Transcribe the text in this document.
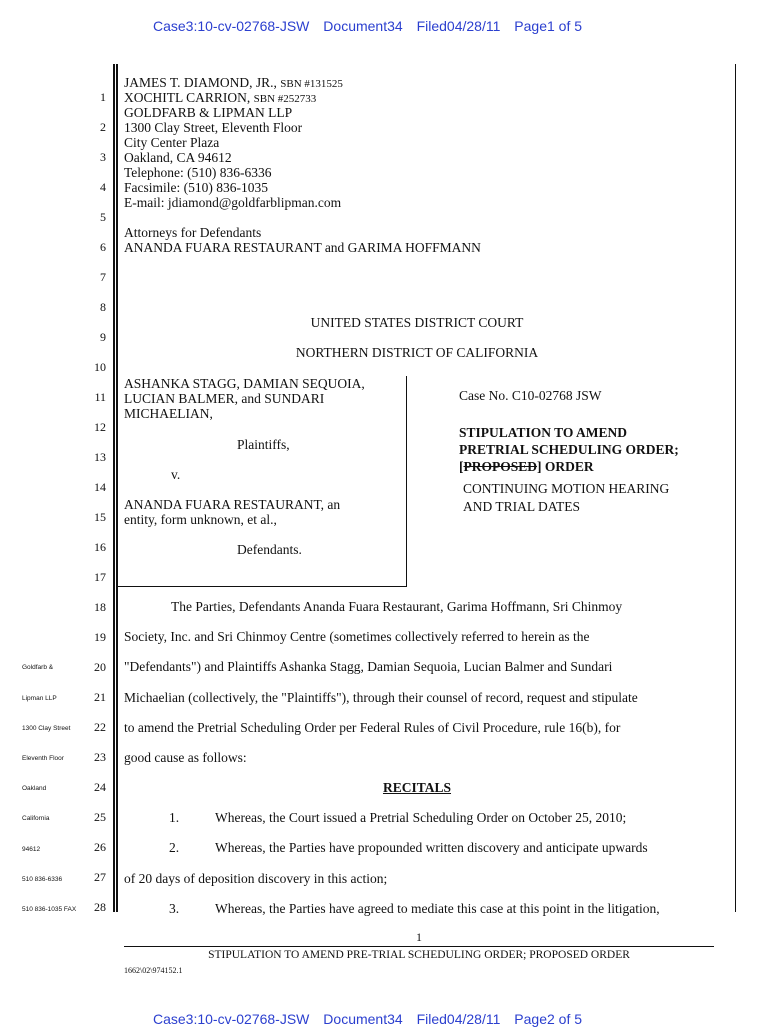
Case3:10-cv-02768-JSW Document34 Filed04/28/11 Page1 of 5
1
2
3
4
5
6
7
8
9
10
11
12
13
14
15
16
17
18
19
20
21
22
23
24
25
26
27
28
Goldfarb &
Lipman LLP
1300 Clay Street
Eleventh Floor
Oakland
California
94612
510 836-6336
510 836-1035 FAX
JAMES T. DIAMOND, JR., SBN #131525
XOCHITL CARRION, SBN #252733
GOLDFARB & LIPMAN LLP
1300 Clay Street, Eleventh Floor
City Center Plaza
Oakland, CA 94612
Telephone: (510) 836-6336
Facsimile: (510) 836-1035
E-mail: jdiamond@goldfarblipman.com
Attorneys for Defendants
ANANDA FUARA RESTAURANT and GARIMA HOFFMANN
UNITED STATES DISTRICT COURT
NORTHERN DISTRICT OF CALIFORNIA
ASHANKA STAGG, DAMIAN SEQUOIA,
LUCIAN BALMER, and SUNDARI
MICHAELIAN,
Plaintiffs,
v.
ANANDA FUARA RESTAURANT, an
entity, form unknown, et al.,
Defendants.
Case No. C10-02768 JSW
STIPULATION TO AMEND
PRETRIAL SCHEDULING ORDER;
[PROPOSED] ORDER
CONTINUING MOTION HEARING
AND TRIAL DATES
The Parties, Defendants Ananda Fuara Restaurant, Garima Hoffmann, Sri Chinmoy
Society, Inc. and Sri Chinmoy Centre (sometimes collectively referred to herein as the
"Defendants") and Plaintiffs Ashanka Stagg, Damian Sequoia, Lucian Balmer and Sundari
Michaelian (collectively, the "Plaintiffs"), through their counsel of record, request and stipulate
to amend the Pretrial Scheduling Order per Federal Rules of Civil Procedure, rule 16(b), for
good cause as follows:
RECITALS
1.	Whereas, the Court issued a Pretrial Scheduling Order on October 25, 2010;
2.	Whereas, the Parties have propounded written discovery and anticipate upwards
of 20 days of deposition discovery in this action;
3.	Whereas, the Parties have agreed to mediate this case at this point in the litigation,
1
STIPULATION TO AMEND PRE-TRIAL SCHEDULING ORDER; PROPOSED ORDER
1662\02\974152.1
Case3:10-cv-02768-JSW Document34 Filed04/28/11 Page2 of 5
